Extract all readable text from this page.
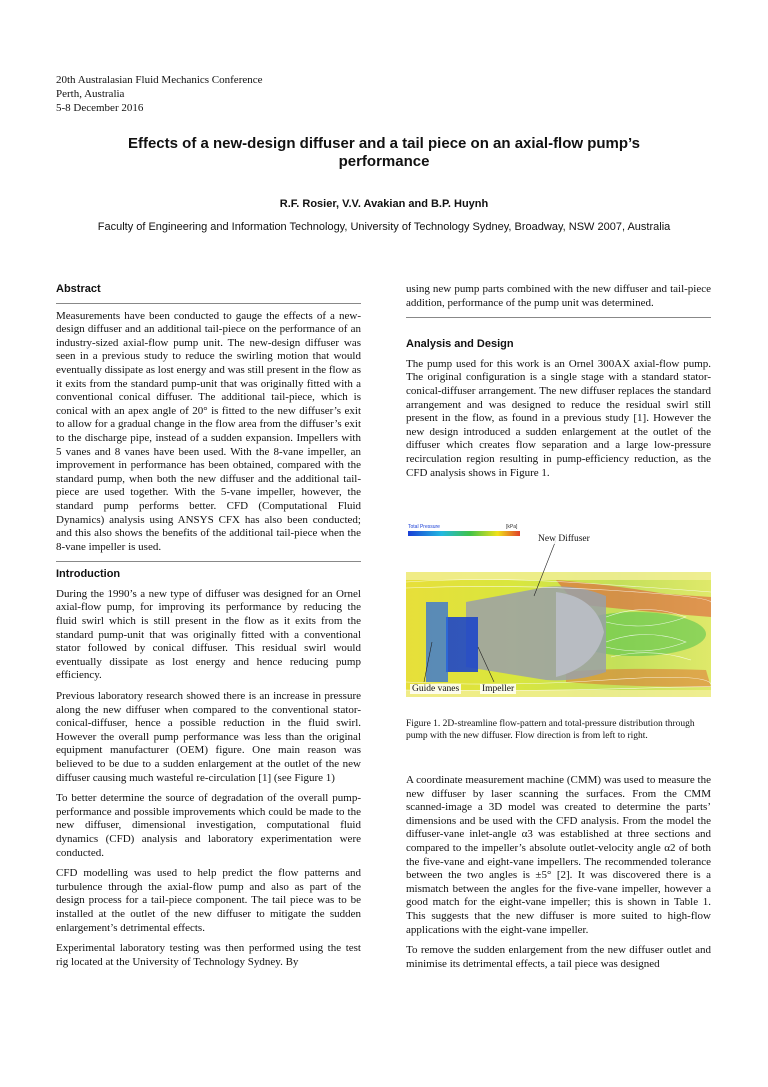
20th Australasian Fluid Mechanics Conference
Perth, Australia
5-8 December 2016
Effects of a new-design diffuser and a tail piece on an axial-flow pump’s
performance
R.F. Rosier, V.V. Avakian and B.P. Huynh
Faculty of Engineering and Information Technology, University of Technology Sydney, Broadway, NSW 2007, Australia
Abstract

Measurements have been conducted to gauge the effects of a new-design diffuser and an additional tail-piece on the performance of an industry-sized axial-flow pump unit. The new-design diffuser was seen in a previous study to reduce the swirling motion that would eventually dissipate as lost energy and was still present in the flow as it exits from the standard pump-unit that was originally fitted with a conventional conical diffuser. The additional tail-piece, which is conical with an apex angle of 20° is fitted to the new diffuser’s exit to allow for a gradual change in the flow area from the diffuser’s exit to the discharge pipe, instead of a sudden expansion. Impellers with 5 vanes and 8 vanes have been used. With the 8-vane impeller, an improvement in performance has been obtained, compared with the standard pump, when both the new diffuser and the additional tail-piece are used together. With the 5-vane impeller, however, the standard pump performs better. CFD (Computational Fluid Dynamics) analysis using ANSYS CFX has also been conducted; and this also shows the benefits of the additional tail-piece when the 8-vane impeller is used.

Introduction

During the 1990’s a new type of diffuser was designed for an Ornel axial-flow pump, for improving its performance by reducing the fluid swirl which is still present in the flow as it exits from the standard pump-unit that was originally fitted with a conventional stator followed by conical diffuser. This residual swirl would eventually dissipate as lost energy and hence reducing pump efficiency.

Previous laboratory research showed there is an increase in pressure along the new diffuser when compared to the conventional stator-conical-diffuser, hence a possible reduction in the fluid swirl. However the overall pump performance was less than the original equipment manufacturer (OEM) figure. One main reason was believed to be due to a sudden enlargement at the outlet of the new diffuser causing much wasteful re-circulation [1] (see Figure 1)

To better determine the source of degradation of the overall pump-performance and possible improvements which could be made to the new diffuser, dimensional investigation, computational fluid dynamics (CFD) analysis and laboratory experimentation were conducted.

CFD modelling was used to help predict the flow patterns and turbulence through the axial-flow pump and also as part of the design process for a tail-piece component. The tail piece was to be installed at the outlet of the new diffuser to mitigate the sudden enlargement’s detrimental effects.

Experimental laboratory testing was then performed using the test rig located at the University of Technology Sydney. By

using new pump parts combined with the new diffuser and tail-piece addition, performance of the pump unit was determined.

Analysis and Design

The pump used for this work is an Ornel 300AX axial-flow pump. The original configuration is a single stage with a standard stator-conical-diffuser arrangement. The new diffuser replaces the standard arrangement and was designed to reduce the residual swirl still present in the flow, as found in a previous study [1]. However the new design introduced a sudden enlargement at the outlet of the diffuser which creates flow separation and a large low-pressure recirculation region resulting in pump-efficiency reduction, as the CFD analysis shows in Figure 1.

Total Pressure	[kPa]
New Diffuser
Guide vanes Impeller
Figure 1. 2D-streamline flow-pattern and total-pressure distribution through pump with the new diffuser. Flow direction is from left to right.

A coordinate measurement machine (CMM) was used to measure the new diffuser by laser scanning the surfaces. From the CMM scanned-image a 3D model was created to determine the parts’ dimensions and be used with the CFD analysis. From the model the diffuser-vane inlet-angle α3 was established at three sections and compared to the impeller’s absolute outlet-velocity angle α2 of both the five-vane and eight-vane impellers. The recommended tolerance between the two angles is ±5° [2]. It was discovered there is a mismatch between the angles for the five-vane impeller, however a good match for the eight-vane impeller; this is shown in Table 1. This suggests that the new diffuser is more suited to high-flow applications with the eight-vane impeller.

To remove the sudden enlargement from the new diffuser outlet and minimise its detrimental effects, a tail piece was designed
